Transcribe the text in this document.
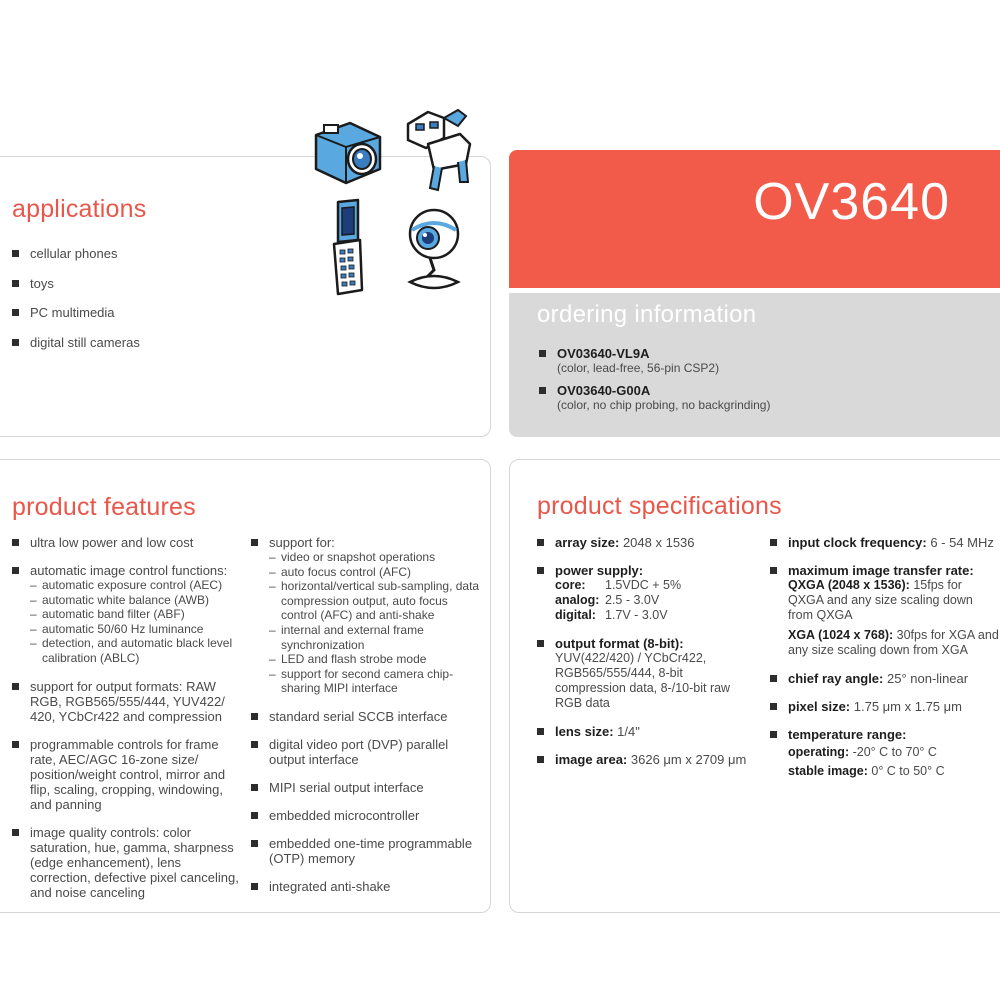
applications
cellular phones
toys
PC multimedia
digital still cameras
OV3640
ordering information
OV03640-VL9A
(color, lead-free, 56-pin CSP2)
OV03640-G00A
(color, no chip probing, no backgrinding)
product features
ultra low power and low cost
automatic image control functions:
– automatic exposure control (AEC)
– automatic white balance (AWB)
– automatic band filter (ABF)
– automatic 50/60 Hz luminance
– detection, and automatic black level calibration (ABLC)
support for output formats: RAW RGB, RGB565/555/444, YUV422/ 420, YCbCr422 and compression
programmable controls for frame rate, AEC/AGC 16-zone size/ position/weight control, mirror and flip, scaling, cropping, windowing, and panning
image quality controls: color saturation, hue, gamma, sharpness (edge enhancement), lens correction, defective pixel canceling, and noise canceling
support for:
– video or snapshot operations
– auto focus control (AFC)
– horizontal/vertical sub-sampling, data compression output, auto focus control (AFC) and anti-shake
– internal and external frame synchronization
– LED and flash strobe mode
– support for second camera chip-sharing MIPI interface
standard serial SCCB interface
digital video port (DVP) parallel output interface
MIPI serial output interface
embedded microcontroller
embedded one-time programmable (OTP) memory
integrated anti-shake
product specifications
array size: 2048 x 1536
power supply:
core:	1.5VDC + 5%
analog: 2.5 - 3.0V
digital: 1.7V - 3.0V
output format (8-bit):
YUV(422/420) / YCbCr422, RGB565/555/444, 8-bit compression data, 8-/10-bit raw RGB data
lens size: 1/4"
image area: 3626 μm x 2709 μm
input clock frequency: 6 - 54 MHz
maximum image transfer rate:
QXGA (2048 x 1536): 15fps for QXGA and any size scaling down from QXGA
XGA (1024 x 768): 30fps for XGA and any size scaling down from XGA
chief ray angle: 25° non-linear
pixel size: 1.75 μm x 1.75 μm
temperature range:
operating: -20° C to 70° C
stable image: 0° C to 50° C
